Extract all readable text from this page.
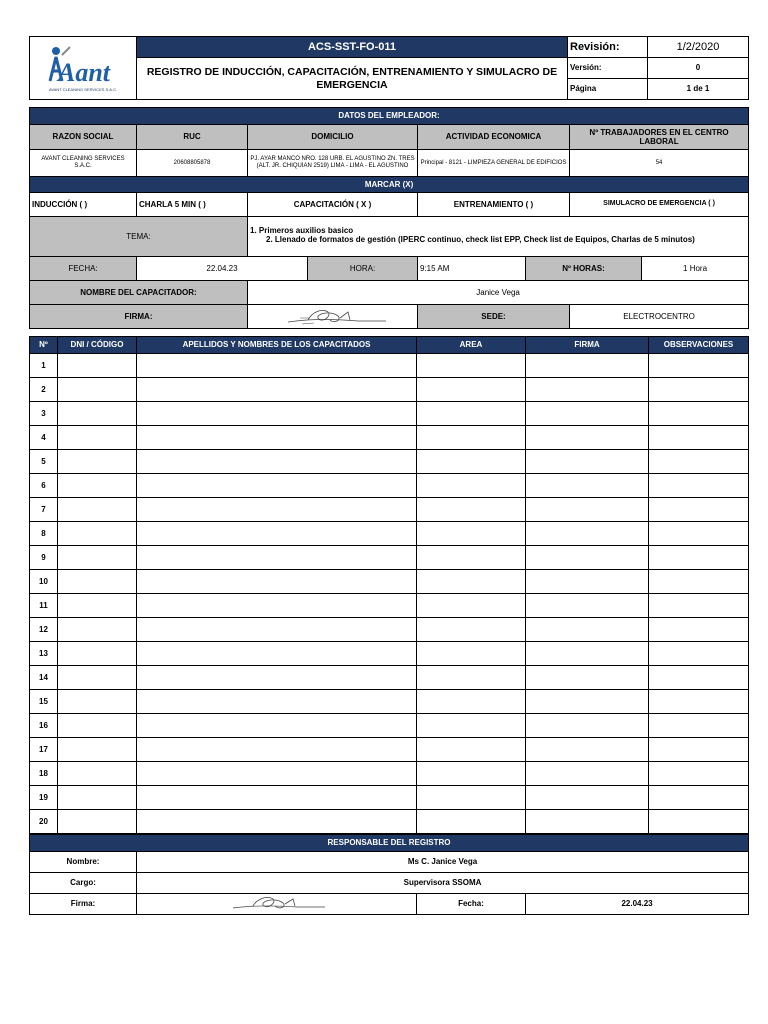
Aant
AVANT CLEANING SERVICES S.A.C.	ACS-SST-FO-011	Revisión:	1/2/2020
	REGISTRO DE INDUCCIÓN, CAPACITACIÓN, ENTRENAMIENTO Y SIMULACRO DE EMERGENCIA	Versión:	0
		Página	1 de 1
DATOS DEL EMPLEADOR:							
RAZON SOCIAL	RUC	DOMICILIO		ACTIVIDAD ECONOMICA		Nº TRABAJADORES EN EL CENTRO LABORAL	
AVANT CLEANING SERVICES S.A.C.	20608805878	PJ. AYAR MANCO NRO. 128 URB. EL AGUSTINO ZN. TRES (ALT. JR. CHIQUIAN 2519) LIMA - LIMA - EL AGUSTINO		Principal - 8121 - LIMPIEZA GENERAL DE EDIFICIOS		54	
MARCAR (X)							
INDUCCIÓN ( )	CHARLA 5 MIN ( )	CAPACITACIÓN ( X )		ENTRENAMIENTO ( )		SIMULACRO DE EMERGENCIA ( )	
TEMA:		1. Primeros auxilios basico
2. Llenado de formatos de gestión (IPERC continuo, check list EPP, Check list de Equipos, Charlas de 5 minutos)					

FECHA:	22.04.23		HORA:	9:15 AM	Nº HORAS:		1 Hora
NOMBRE DEL CAPACITADOR:		Janice Vega					
FIRMA:				SEDE:		ELECTROCENTRO	
Nº	DNI / CÓDIGO	APELLIDOS Y NOMBRES DE LOS CAPACITADOS	AREA	FIRMA	OBSERVACIONES
1					
2					
3					
4					
5					
6					
7					
8					
9					
10					
11					
12					
13					
14					
15					
16					
17					
18					
19					
20					
RESPONSABLE DEL REGISTRO			
Nombre:	Ms C. Janice Vega		
Cargo:	Supervisora SSOMA		
Firma:		Fecha:	22.04.23
